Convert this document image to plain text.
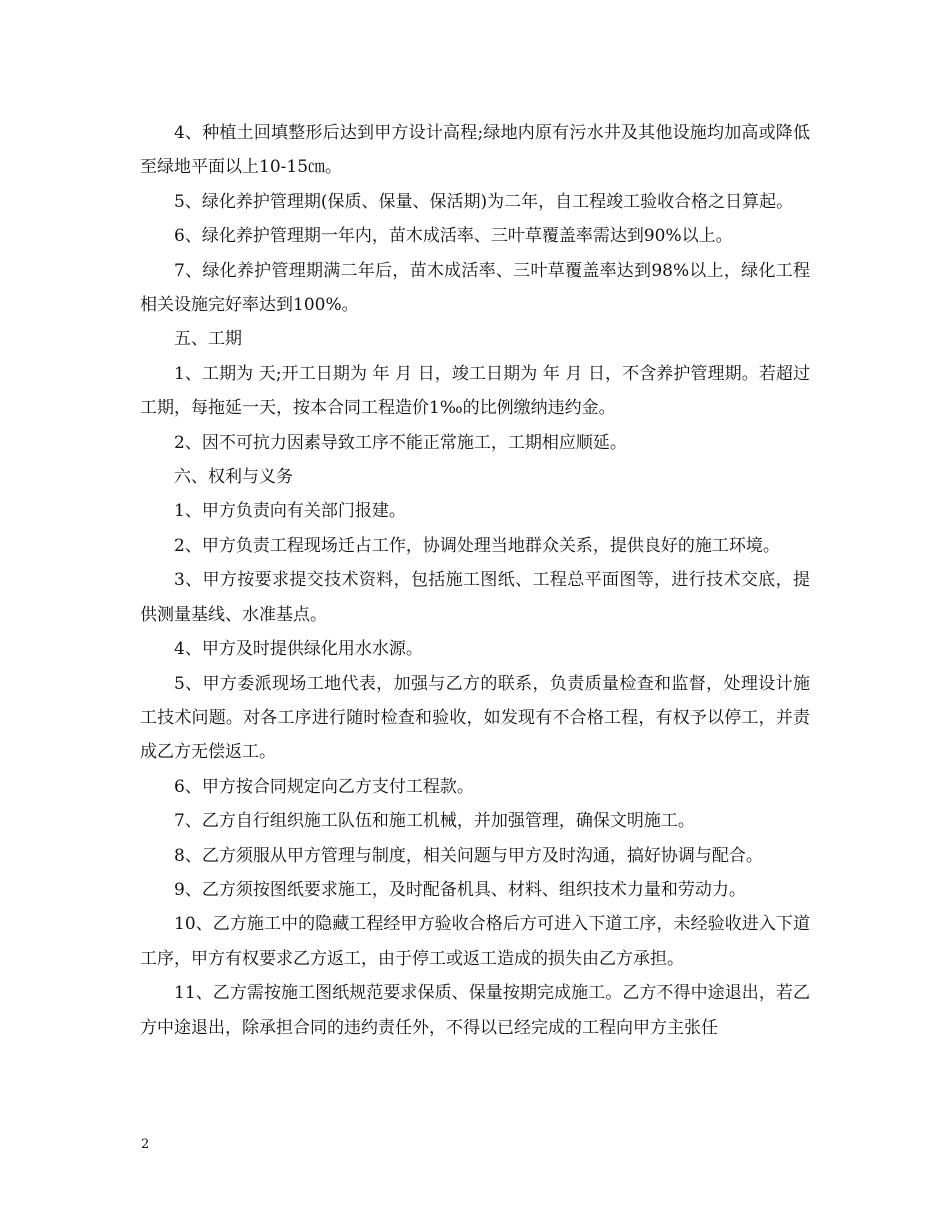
4、种植土回填整形后达到甲方设计高程;绿地内原有污水井及其他设施均加高或降低至绿地平面以上10-15㎝。

5、绿化养护管理期(保质、保量、保活期)为二年，自工程竣工验收合格之日算起。

6、绿化养护管理期一年内，苗木成活率、三叶草覆盖率需达到90%以上。

7、绿化养护管理期满二年后，苗木成活率、三叶草覆盖率达到98%以上，绿化工程相关设施完好率达到100%。

五、工期

1、工期为 天;开工日期为 年 月 日，竣工日期为 年 月 日，不含养护管理期。若超过工期，每拖延一天，按本合同工程造价1‰的比例缴纳违约金。

2、因不可抗力因素导致工序不能正常施工，工期相应顺延。

六、权利与义务

1、甲方负责向有关部门报建。

2、甲方负责工程现场迁占工作，协调处理当地群众关系，提供良好的施工环境。

3、甲方按要求提交技术资料，包括施工图纸、工程总平面图等，进行技术交底，提供测量基线、水准基点。

4、甲方及时提供绿化用水水源。

5、甲方委派现场工地代表，加强与乙方的联系，负责质量检查和监督，处理设计施工技术问题。对各工序进行随时检查和验收，如发现有不合格工程，有权予以停工，并责成乙方无偿返工。

6、甲方按合同规定向乙方支付工程款。

7、乙方自行组织施工队伍和施工机械，并加强管理，确保文明施工。

8、乙方须服从甲方管理与制度，相关问题与甲方及时沟通，搞好协调与配合。

9、乙方须按图纸要求施工，及时配备机具、材料、组织技术力量和劳动力。

10、乙方施工中的隐藏工程经甲方验收合格后方可进入下道工序，未经验收进入下道工序，甲方有权要求乙方返工，由于停工或返工造成的损失由乙方承担。

11、乙方需按施工图纸规范要求保质、保量按期完成施工。乙方不得中途退出，若乙方中途退出，除承担合同的违约责任外，不得以已经完成的工程向甲方主张任

2
